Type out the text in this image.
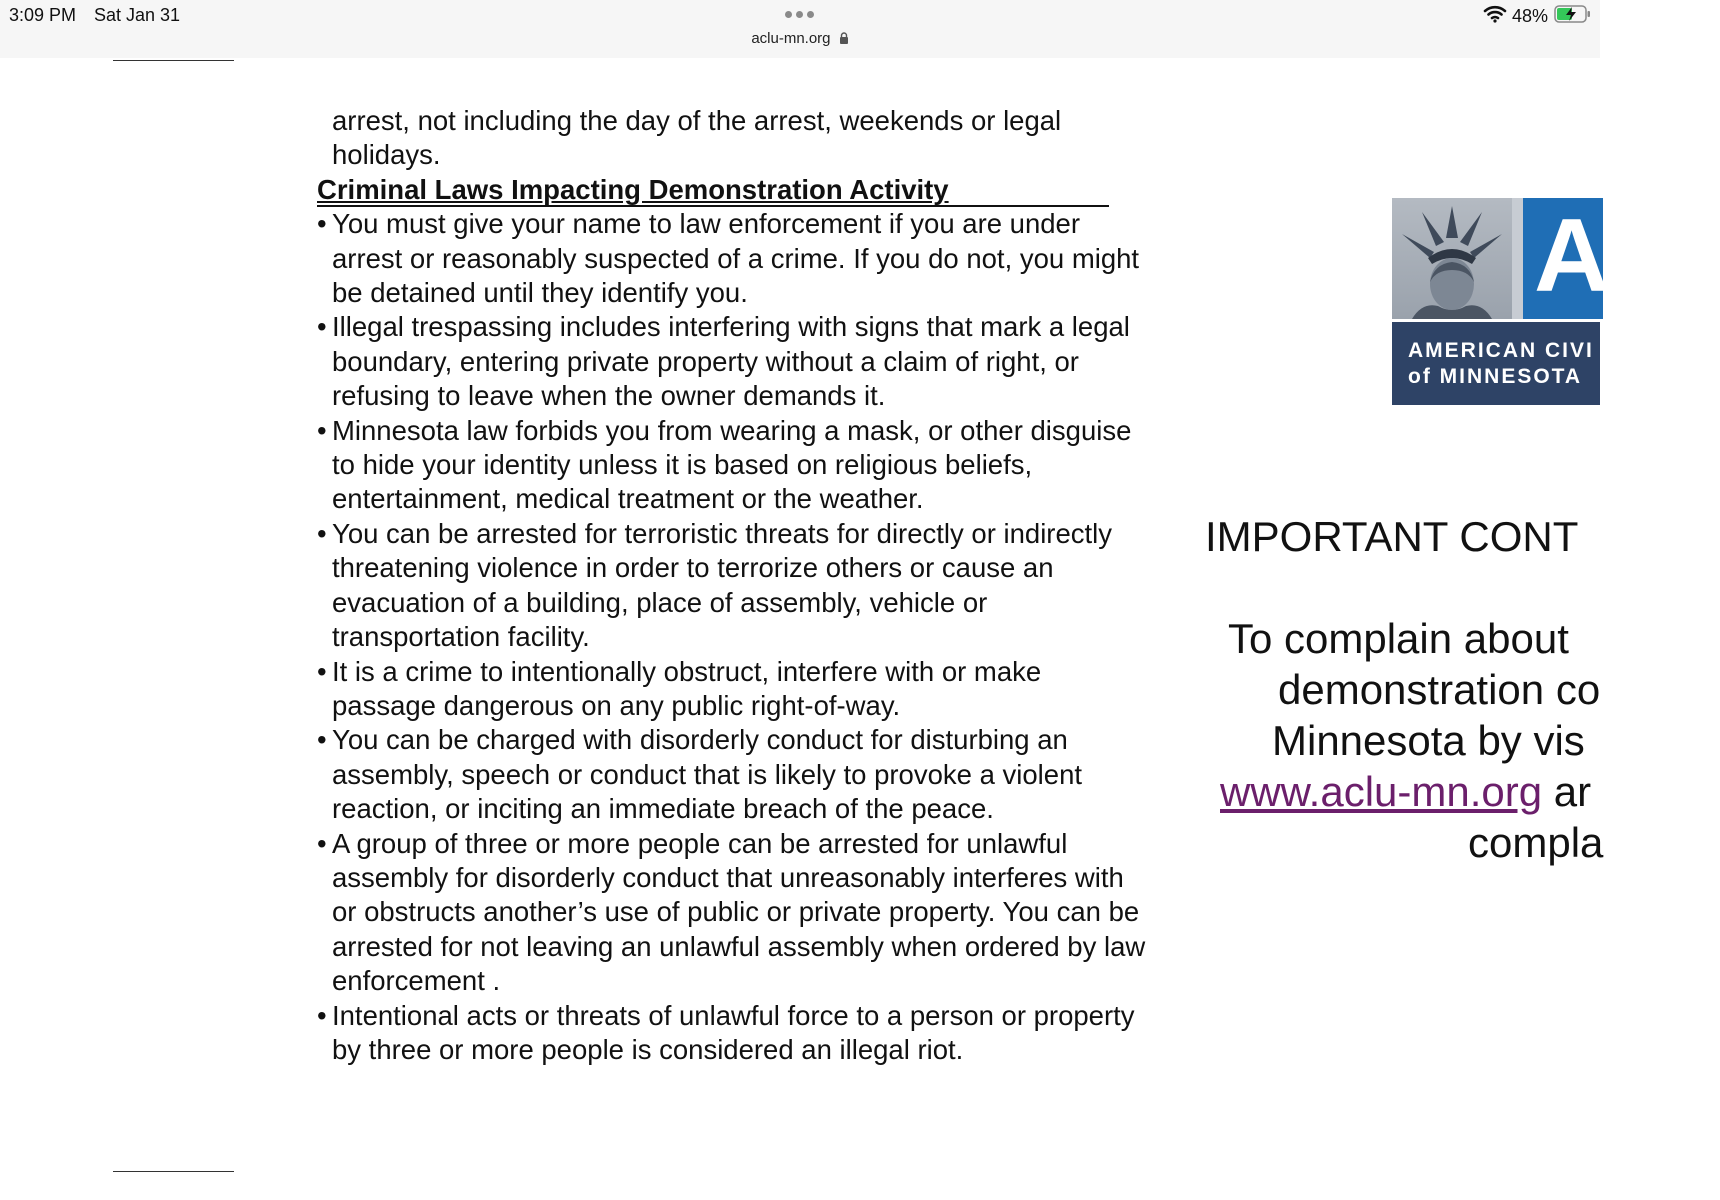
3:09 PM Sat Jan 31
aclu-mn.org
48%

arrest, not including the day of the arrest, weekends or legal holidays.

Criminal Laws Impacting Demonstration Activity
• You must give your name to law enforcement if you are under arrest or reasonably suspected of a crime. If you do not, you might be detained until they identify you.
• Illegal trespassing includes interfering with signs that mark a legal boundary, entering private property without a claim of right, or refusing to leave when the owner demands it.
• Minnesota law forbids you from wearing a mask, or other disguise to hide your identity unless it is based on religious beliefs, entertainment, medical treatment or the weather.
• You can be arrested for terroristic threats for directly or indirectly threatening violence in order to terrorize others or cause an evacuation of a building, place of assembly, vehicle or transportation facility.
• It is a crime to intentionally obstruct, interfere with or make passage dangerous on any public right-of-way.
• You can be charged with disorderly conduct for disturbing an assembly, speech or conduct that is likely to provoke a violent reaction, or inciting an immediate breach of the peace.
• A group of three or more people can be arrested for unlawful assembly for disorderly conduct that unreasonably interferes with or obstructs another’s use of public or private property. You can be arrested for not leaving an unlawful assembly when ordered by law enforcement .
• Intentional acts or threats of unlawful force to a person or property by three or more people is considered an illegal riot.
A
AMERICAN CIVI
of MINNESOTA
IMPORTANT CONT
To complain about
demonstration co
Minnesota by vis
www.aclu-mn.org ar
compla
